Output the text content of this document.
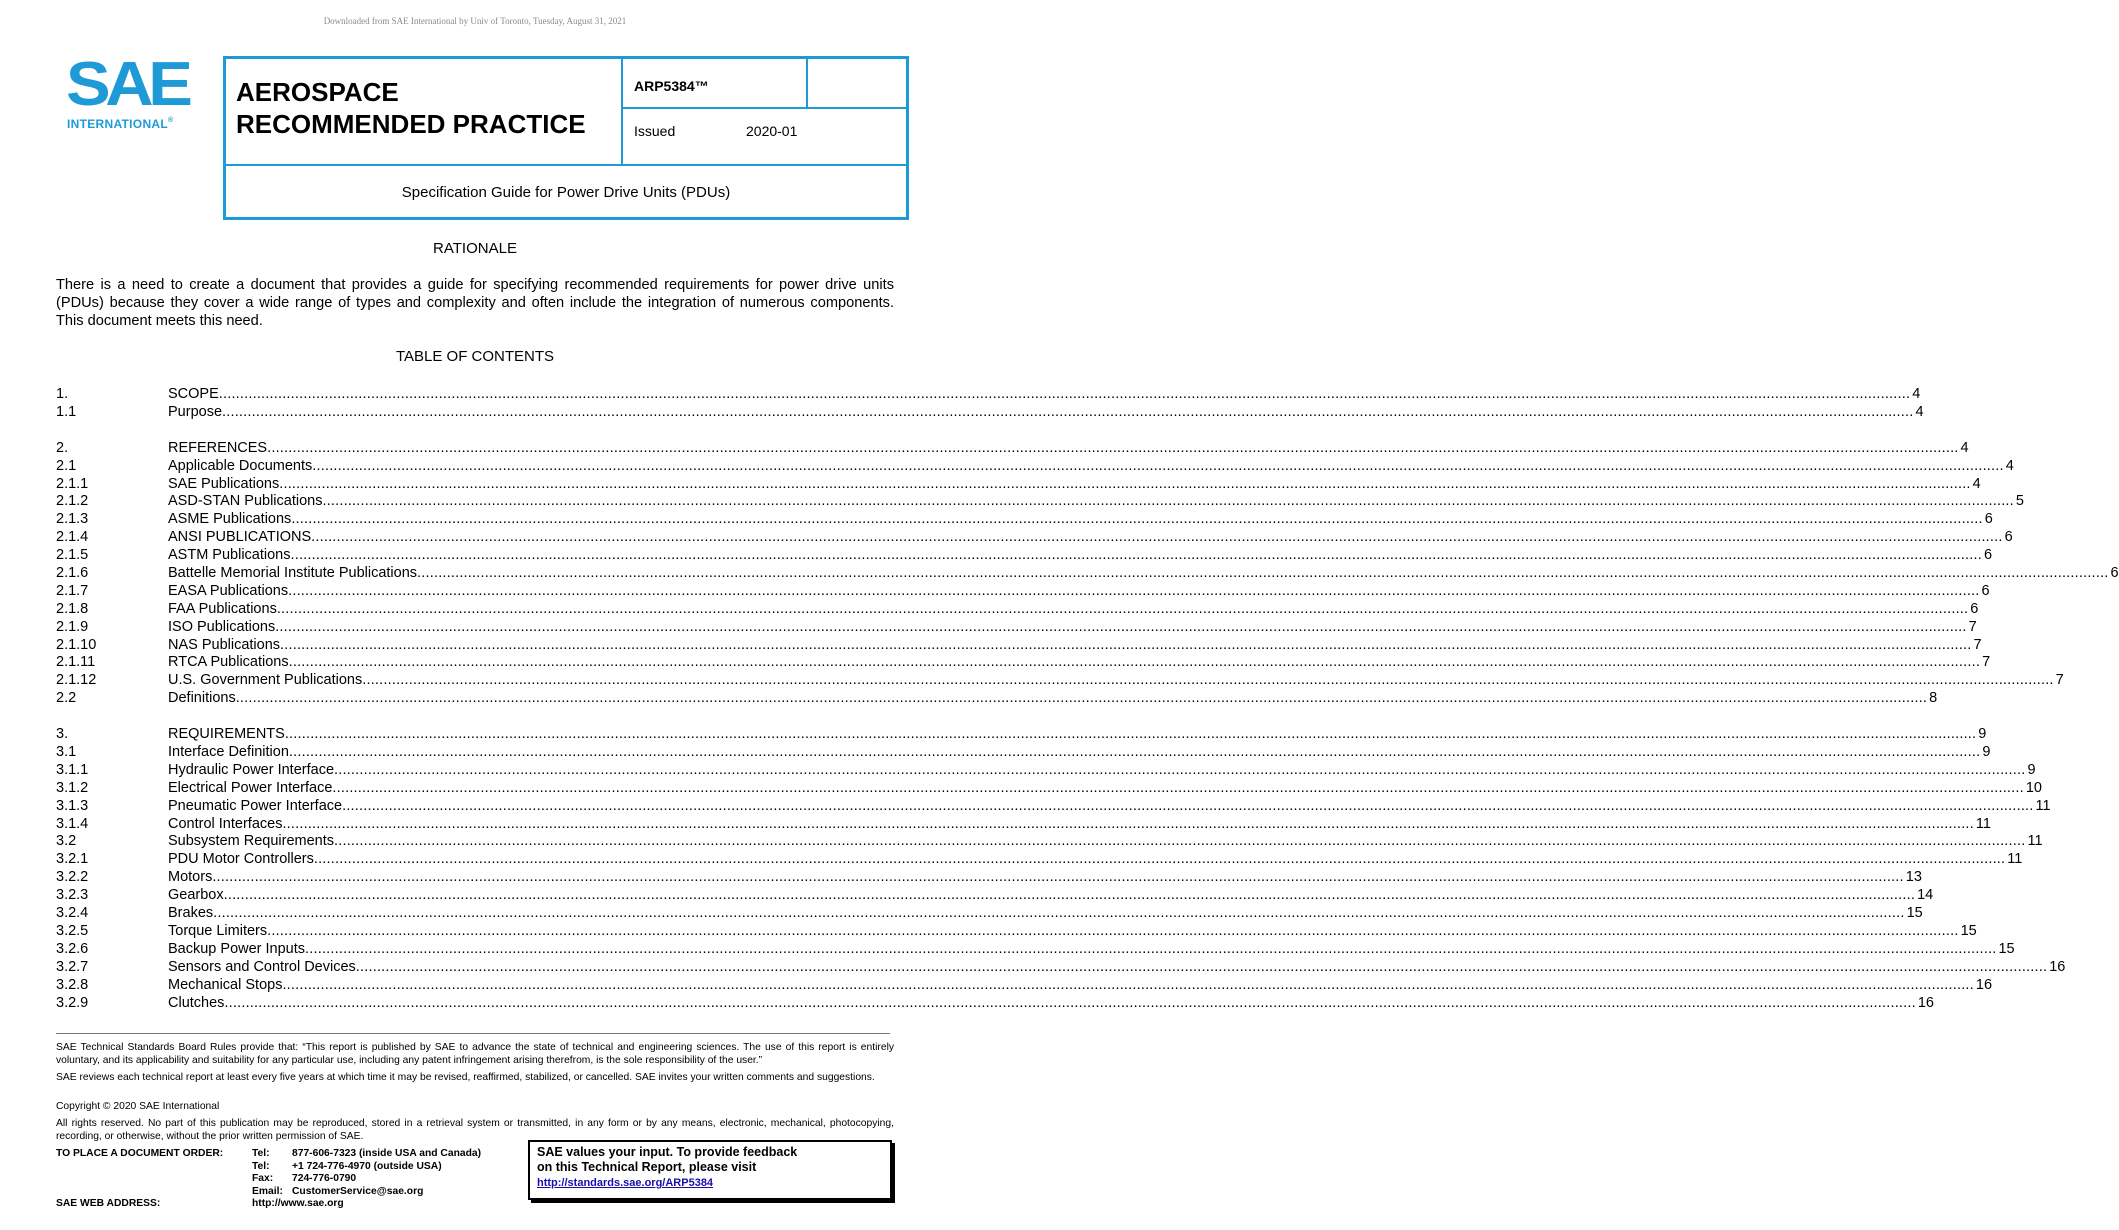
Downloaded from SAE International by Univ of Toronto, Tuesday, August 31, 2021
SAE
INTERNATIONAL®
AEROSPACE
RECOMMENDED PRACTICE
ARP5384™
Issued	2020-01
Specification Guide for Power Drive Units (PDUs)
RATIONALE
There is a need to create a document that provides a guide for specifying recommended requirements for power drive units (PDUs) because they cover a wide range of types and complexity and often include the integration of numerous components. This document meets this need.
TABLE OF CONTENTS
1.	SCOPE ................................................................................................................................................................................................................................................................................................................................................................................................................ 4
1.1	Purpose ................................................................................................................................................................................................................................................................................................................................................................................................................ 4
2.	REFERENCES ................................................................................................................................................................................................................................................................................................................................................................................................................ 4
2.1	Applicable Documents ................................................................................................................................................................................................................................................................................................................................................................................................................ 4
2.1.1	SAE Publications ................................................................................................................................................................................................................................................................................................................................................................................................................ 4
2.1.2	ASD-STAN Publications ................................................................................................................................................................................................................................................................................................................................................................................................................ 5
2.1.3	ASME Publications ................................................................................................................................................................................................................................................................................................................................................................................................................ 6
2.1.4	ANSI PUBLICATIONS ................................................................................................................................................................................................................................................................................................................................................................................................................ 6
2.1.5	ASTM Publications ................................................................................................................................................................................................................................................................................................................................................................................................................ 6
2.1.6	Battelle Memorial Institute Publications ................................................................................................................................................................................................................................................................................................................................................................................................................ 6
2.1.7	EASA Publications ................................................................................................................................................................................................................................................................................................................................................................................................................ 6
2.1.8	FAA Publications ................................................................................................................................................................................................................................................................................................................................................................................................................ 6
2.1.9	ISO Publications ................................................................................................................................................................................................................................................................................................................................................................................................................ 7
2.1.10	NAS Publications ................................................................................................................................................................................................................................................................................................................................................................................................................ 7
2.1.11	RTCA Publications ................................................................................................................................................................................................................................................................................................................................................................................................................ 7
2.1.12	U.S. Government Publications ................................................................................................................................................................................................................................................................................................................................................................................................................ 7
2.2	Definitions ................................................................................................................................................................................................................................................................................................................................................................................................................ 8
3.	REQUIREMENTS ................................................................................................................................................................................................................................................................................................................................................................................................................ 9
3.1	Interface Definition ................................................................................................................................................................................................................................................................................................................................................................................................................ 9
3.1.1	Hydraulic Power Interface ................................................................................................................................................................................................................................................................................................................................................................................................................ 9
3.1.2	Electrical Power Interface ................................................................................................................................................................................................................................................................................................................................................................................................................ 10
3.1.3	Pneumatic Power Interface ................................................................................................................................................................................................................................................................................................................................................................................................................ 11
3.1.4	Control Interfaces ................................................................................................................................................................................................................................................................................................................................................................................................................ 11
3.2	Subsystem Requirements ................................................................................................................................................................................................................................................................................................................................................................................................................ 11
3.2.1	PDU Motor Controllers ................................................................................................................................................................................................................................................................................................................................................................................................................ 11
3.2.2	Motors ................................................................................................................................................................................................................................................................................................................................................................................................................ 13
3.2.3	Gearbox ................................................................................................................................................................................................................................................................................................................................................................................................................ 14
3.2.4	Brakes ................................................................................................................................................................................................................................................................................................................................................................................................................ 15
3.2.5	Torque Limiters ................................................................................................................................................................................................................................................................................................................................................................................................................ 15
3.2.6	Backup Power Inputs ................................................................................................................................................................................................................................................................................................................................................................................................................ 15
3.2.7	Sensors and Control Devices ................................................................................................................................................................................................................................................................................................................................................................................................................ 16
3.2.8	Mechanical Stops ................................................................................................................................................................................................................................................................................................................................................................................................................ 16
3.2.9	Clutches ................................................................................................................................................................................................................................................................................................................................................................................................................ 16
SAE Technical Standards Board Rules provide that: “This report is published by SAE to advance the state of technical and engineering sciences. The use of this report is entirely voluntary, and its applicability and suitability for any particular use, including any patent infringement arising therefrom, is the sole responsibility of the user.”
SAE reviews each technical report at least every five years at which time it may be revised, reaffirmed, stabilized, or cancelled. SAE invites your written comments and suggestions.
Copyright © 2020 SAE International
All rights reserved. No part of this publication may be reproduced, stored in a retrieval system or transmitted, in any form or by any means, electronic, mechanical, photocopying, recording, or otherwise, without the prior written permission of SAE.
TO PLACE A DOCUMENT ORDER:
SAE WEB ADDRESS:
Tel: 877-606-7323 (inside USA and Canada)
Tel: +1 724-776-4970 (outside USA)
Fax: 724-776-0790
Email: CustomerService@sae.org
http://www.sae.org
SAE values your input. To provide feedback
on this Technical Report, please visit
http://standards.sae.org/ARP5384
